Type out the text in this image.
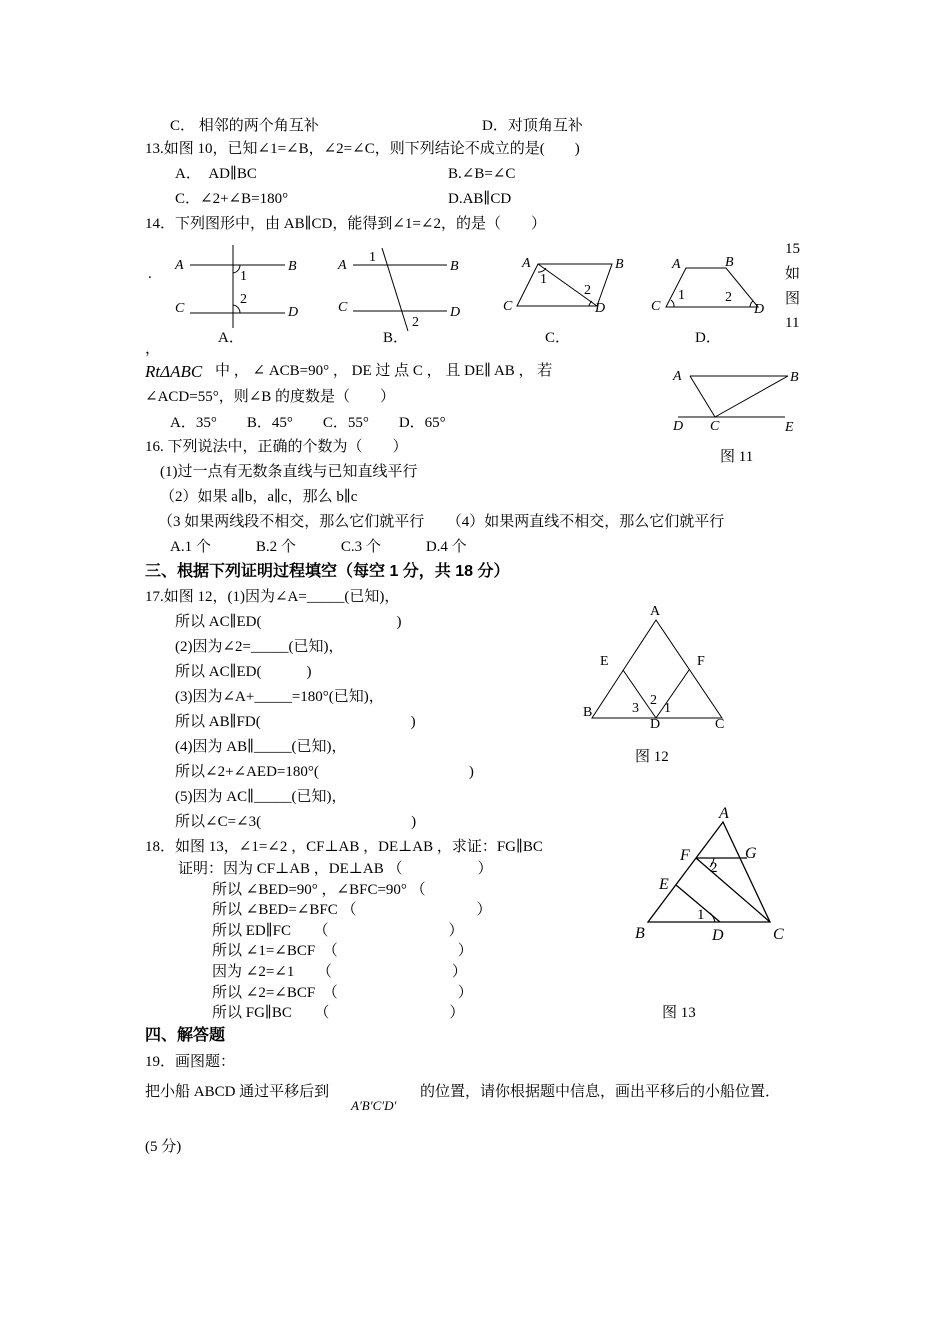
C． 相邻的两个角互补	D．对顶角互补
13.如图 10，已知∠1=∠B，∠2=∠C，则下列结论不成立的是(　　)
A．　AD∥BC	B.∠B=∠C
C．∠2+∠B=180°	D.AB∥CD
14．下列图形中，由 AB∥CD，能得到∠1=∠2，的是（　　）
.
A	B
C	D
1
2
A．
A	B
C	D
1
2
B．
A	B
C	D
1
2
C．
A	B
C	D
1	2
D．
15
如
图
11
，
RtΔABC 中 ， ∠ ACB=90° ， DE 过 点 C ， 且 DE∥ AB ， 若
∠ACD=55°，则∠B 的度数是（　　）
A．35°　　B．45°　　C．55°　　D．65°
A	B
D C	E
图 11
16. 下列说法中，正确的个数为（　　）
(1)过一点有无数条直线与已知直线平行
（2）如果 a∥b，a∥c，那么 b∥c
（3 如果两线段不相交，那么它们就平行　　（4）如果两直线不相交，那么它们就平行
A.1 个　　　B.2 个　　　C.3 个　　　D.4 个
三、根据下列证明过程填空（每空 1 分，共 18 分）
17.如图 12，(1)因为∠A=_____(已知)，
所以 AC∥ED(　　　　　　　　　)
(2)因为∠2=_____(已知)，
所以 AC∥ED(　　　)
(3)因为∠A+_____=180°(已知)，
所以 AB∥FD(　　　　　　　　　　)
(4)因为 AB∥_____(已知)，
所以∠2+∠AED=180°(　　　　　　　　　　)
(5)因为 AC∥_____(已知)，
所以∠C=∠3(　　　　　　　　　　)
A
E	F
B
D	C
3
2
1
图 12
18．如图 13，∠1=∠2 ，CF⊥AB ，DE⊥AB ，求证：FG∥BC
证明：因为 CF⊥AB ，DE⊥AB （　　　　　）
所以 ∠BED=90° ，∠BFC=90° （
所以 ∠BED=∠BFC （　　　　　　　　）
所以 ED∥FC　　（　　　　　　　　）
所以 ∠1=∠BCF　（　　　　　　　　）
因为 ∠2=∠1　　（　　　　　　　　）
所以 ∠2=∠BCF　（　　　　　　　　）
所以 FG∥BC　　（　　　　　　　　）
A
F	G
E
B	D	C
2
1
图 13
四、解答题
19．画图题：
把小船 ABCD 通过平移后到
A′B′C′D′
的位置，请你根据题中信息，画出平移后的小船位置．
(5 分)
